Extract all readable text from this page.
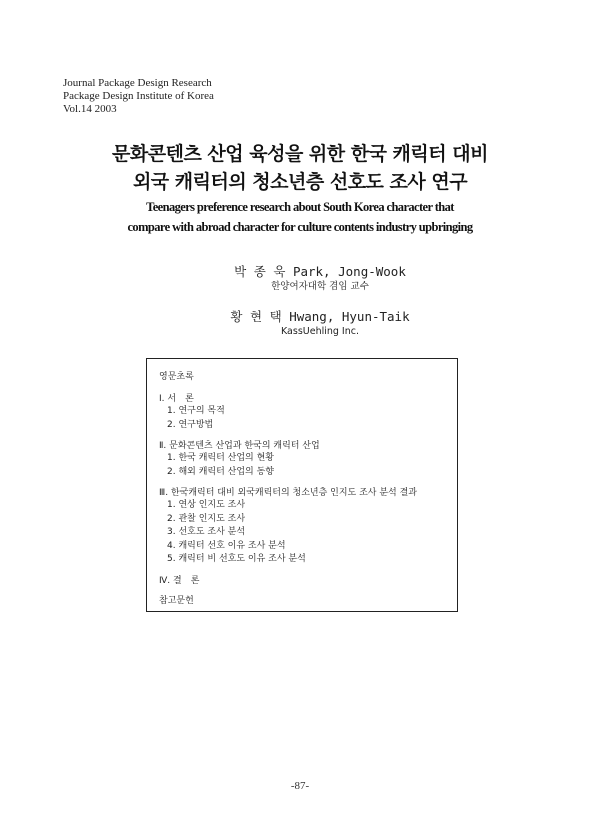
Journal Package Design Research
Package Design Institute of Korea
Vol.14 2003
문화콘텐츠 산업 육성을 위한 한국 캐릭터 대비
외국 캐릭터의 청소년층 선호도 조사 연구
Teenagers preference research about South Korea character that
compare with abroad character for culture contents industry upbringing
박 종 욱 Park, Jong-Wook
한양여자대학 겸임 교수
황 현 택 Hwang, Hyun-Taik
KassUehling Inc.
영문초록
Ⅰ. 서　론
1. 연구의 목적
2. 연구방법
Ⅱ. 문화콘텐츠 산업과 한국의 캐릭터 산업
1. 한국 캐릭터 산업의 현황
2. 해외 캐릭터 산업의 동향
Ⅲ. 한국캐릭터 대비 외국캐릭터의 청소년층 인지도 조사 분석 결과
1. 연상 인지도 조사
2. 관찰 인지도 조사
3. 선호도 조사 분석
4. 캐릭터 선호 이유 조사 분석
5. 캐릭터 비 선호도 이유 조사 분석
Ⅳ. 결　론
참고문헌
-87-
